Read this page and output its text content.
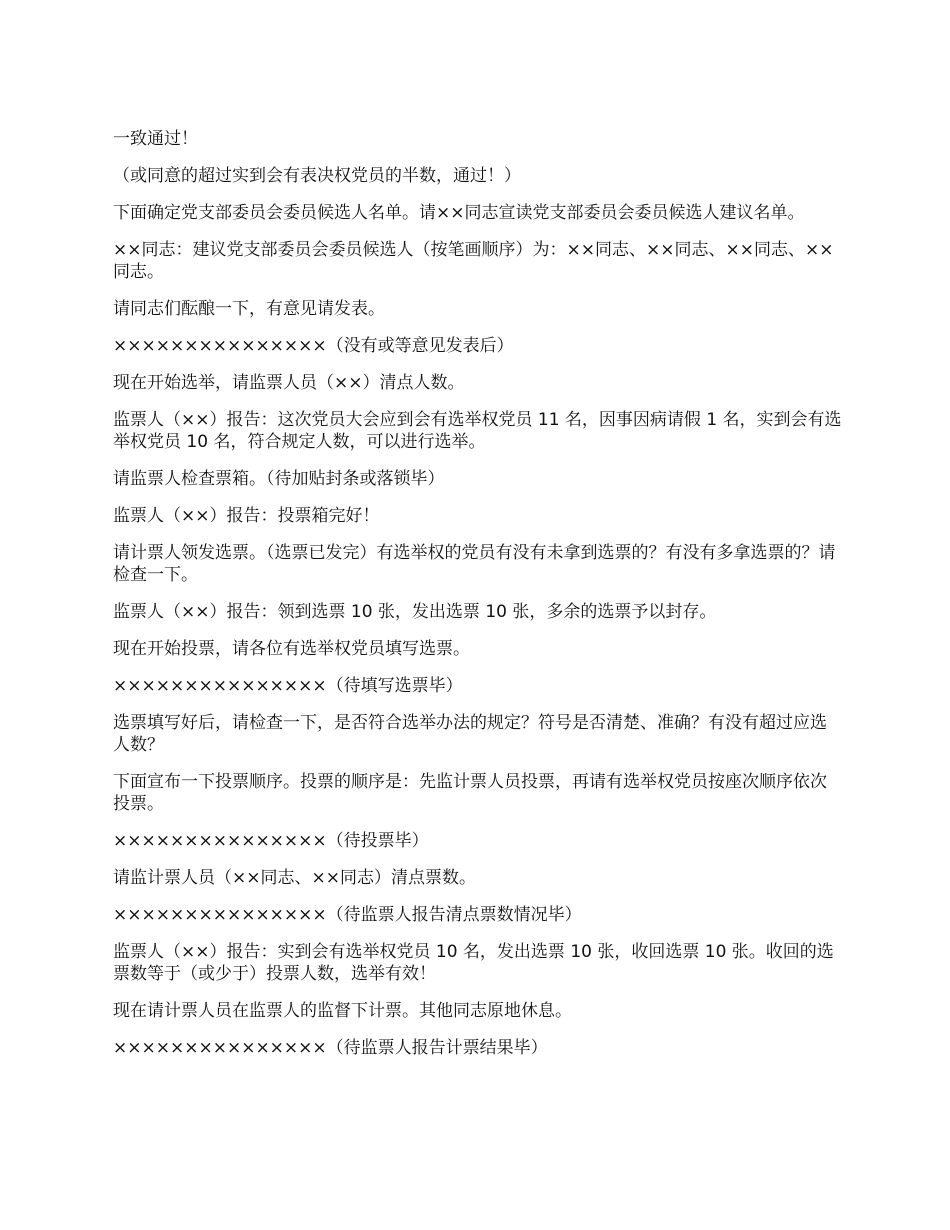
一致通过！

（或同意的超过实到会有表决权党员的半数，通过！）

下面确定党支部委员会委员候选人名单。请××同志宣读党支部委员会委员候选人建议名单。

××同志：建议党支部委员会委员候选人（按笔画顺序）为：××同志、××同志、××同志、××同志。

请同志们酝酿一下，有意见请发表。

×××××××××××××××（没有或等意见发表后）

现在开始选举，请监票人员（××）清点人数。

监票人（××）报告：这次党员大会应到会有选举权党员 11 名，因事因病请假 1 名，实到会有选举权党员 10 名，符合规定人数，可以进行选举。

请监票人检查票箱。（待加贴封条或落锁毕）

监票人（××）报告：投票箱完好！

请计票人领发选票。（选票已发完）有选举权的党员有没有未拿到选票的？有没有多拿选票的？请检查一下。

监票人（××）报告：领到选票 10 张，发出选票 10 张，多余的选票予以封存。

现在开始投票，请各位有选举权党员填写选票。

×××××××××××××××（待填写选票毕）

选票填写好后，请检查一下，是否符合选举办法的规定？符号是否清楚、准确？有没有超过应选人数？

下面宣布一下投票顺序。投票的顺序是：先监计票人员投票，再请有选举权党员按座次顺序依次投票。

×××××××××××××××（待投票毕）

请监计票人员（××同志、××同志）清点票数。

×××××××××××××××（待监票人报告清点票数情况毕）

监票人（××）报告：实到会有选举权党员 10 名，发出选票 10 张，收回选票 10 张。收回的选票数等于（或少于）投票人数，选举有效！

现在请计票人员在监票人的监督下计票。其他同志原地休息。

×××××××××××××××（待监票人报告计票结果毕）
